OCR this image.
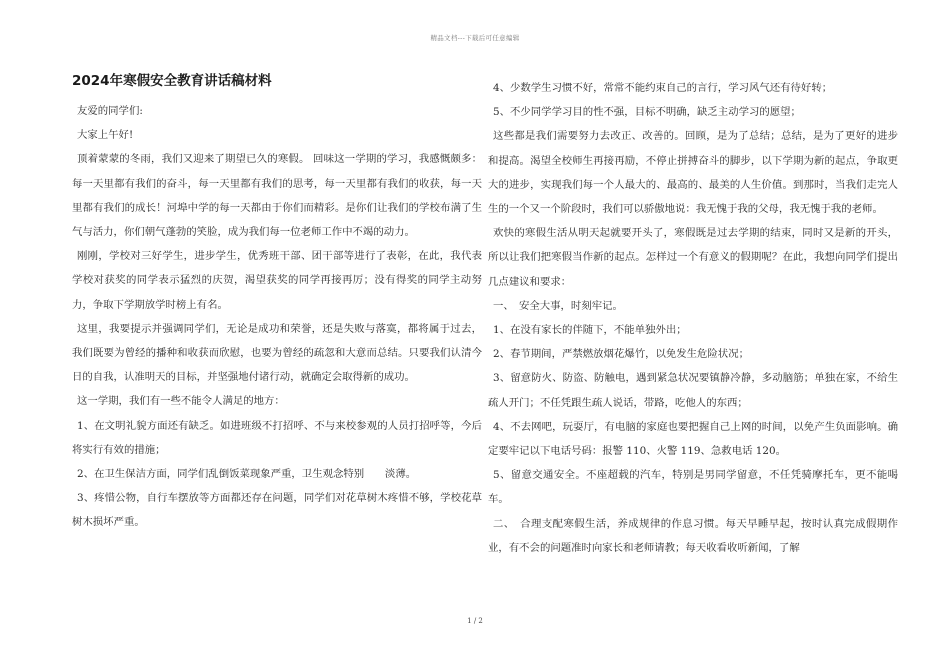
精品文档---下载后可任意编辑
2024年寒假安全教育讲话稿材料

友爱的同学们:

大家上午好!

顶着蒙蒙的冬雨，我们又迎来了期望已久的寒假。 回味这一学期的学习，我感慨颇多：每一天里都有我们的奋斗，每一天里都有我们的思考，每一天里都有我们的收获，每一天里都有我们的成长！河埠中学的每一天都由于你们而精彩。是你们让我们的学校布满了生气与活力，你们朝气蓬勃的笑脸，成为我们每一位老师工作中不竭的动力。

刚刚，学校对三好学生，进步学生，优秀班干部、团干部等进行了表彰，在此，我代表学校对获奖的同学表示猛烈的庆贺，渴望获奖的同学再接再厉；没有得奖的同学主动努力，争取下学期放学时榜上有名。

这里，我要提示并强调同学们，无论是成功和荣誉，还是失败与落寞，都将属于过去，我们既要为曾经的播种和收获而欣慰，也要为曾经的疏忽和大意而总结。只要我们认清今日的自我，认准明天的目标，并坚强地付诸行动，就确定会取得新的成功。

这一学期，我们有一些不能令人满足的地方：

1、在文明礼貌方面还有缺乏。如进班级不打招呼、不与来校参观的人员打招呼等，今后将实行有效的措施；

2、在卫生保洁方面，同学们乱倒饭菜现象严重，卫生观念特别　　淡薄。

3、疼惜公物，自行车摆放等方面都还存在问题，同学们对花草树木疼惜不够，学校花草树木损坏严重。

4、少数学生习惯不好，常常不能约束自己的言行，学习风气还有待好转；

5、不少同学学习目的性不强，目标不明确，缺乏主动学习的愿望；

这些都是我们需要努力去改正、改善的。回顾，是为了总结；总结，是为了更好的进步和提高。渴望全校师生再接再励，不停止拼搏奋斗的脚步，以下学期为新的起点，争取更大的进步，实现我们每一个人最大的、最高的、最美的人生价值。到那时，当我们走完人生的一个又一个阶段时，我们可以骄傲地说：我无愧于我的父母，我无愧于我的老师。

欢快的寒假生活从明天起就要开头了，寒假既是过去学期的结束，同时又是新的开头，所以让我们把寒假当作新的起点。怎样过一个有意义的假期呢？在此，我想向同学们提出几点建议和要求：

一、　安全大事，时刻牢记。

1、在没有家长的伴随下，不能单独外出；

2、春节期间，严禁燃放烟花爆竹，以免发生危险状况；

3、留意防火、防盗、防触电，遇到紧急状况要镇静冷静，多动脑筋；单独在家，不给生疏人开门；不任凭跟生疏人说话，带路，吃他人的东西；

4、不去网吧，玩耍厅，有电脑的家庭也要把握自己上网的时间，以免产生负面影响。确定要牢记以下电话号码：报警 110、火警 119、急救电话 120。

5、留意交通安全。不座超载的汽车，特别是男同学留意，不任凭骑摩托车，更不能喝车。

二、　合理支配寒假生活，养成规律的作息习惯。每天早睡早起，按时认真完成假期作业，有不会的问题准时向家长和老师请教；每天收看收听新闻，了解

1 / 2
